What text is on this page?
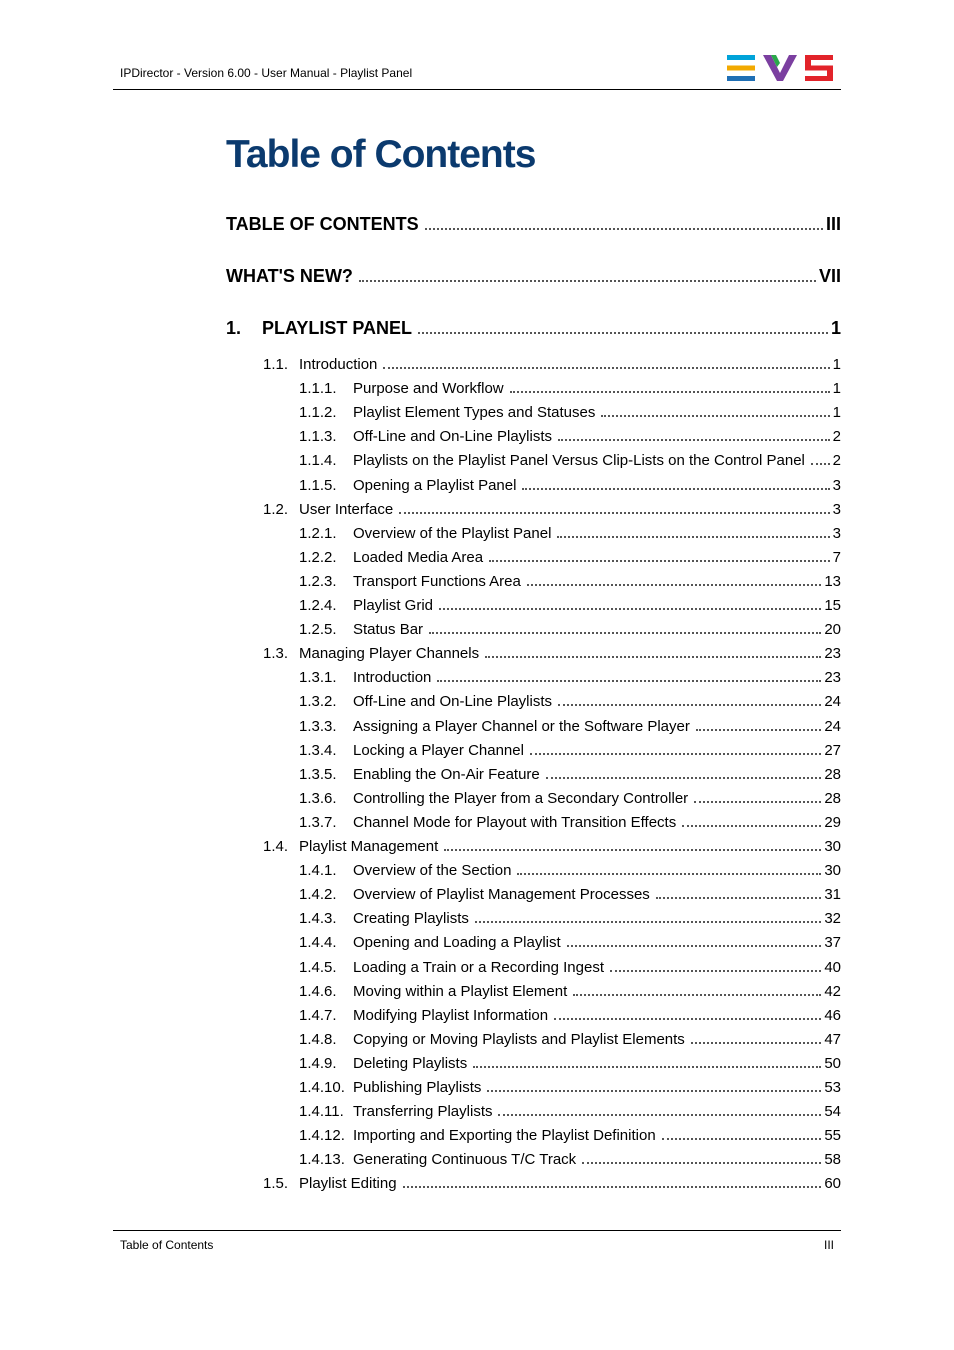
IPDirector - Version 6.00 - User Manual - Playlist Panel
Table of Contents
TABLE OF CONTENTS	III
WHAT'S NEW?	VII
1.	PLAYLIST PANEL	1
1.1. Introduction	1
1.1.1.	Purpose and Workflow	1
1.1.2.	Playlist Element Types and Statuses	1
1.1.3.	Off-Line and On-Line Playlists	2
1.1.4.	Playlists on the Playlist Panel Versus Clip-Lists on the Control Panel	2
1.1.5.	Opening a Playlist Panel	3
1.2. User Interface	3
1.2.1.	Overview of the Playlist Panel	3
1.2.2.	Loaded Media Area	7
1.2.3.	Transport Functions Area	13
1.2.4.	Playlist Grid	15
1.2.5.	Status Bar	20
1.3. Managing Player Channels	23
1.3.1.	Introduction	23
1.3.2.	Off-Line and On-Line Playlists	24
1.3.3.	Assigning a Player Channel or the Software Player	24
1.3.4.	Locking a Player Channel	27
1.3.5.	Enabling the On-Air Feature	28
1.3.6.	Controlling the Player from a Secondary Controller	28
1.3.7.	Channel Mode for Playout with Transition Effects	29
1.4. Playlist Management	30
1.4.1.	Overview of the Section	30
1.4.2.	Overview of Playlist Management Processes	31
1.4.3.	Creating Playlists	32
1.4.4.	Opening and Loading a Playlist	37
1.4.5.	Loading a Train or a Recording Ingest	40
1.4.6.	Moving within a Playlist Element	42
1.4.7.	Modifying Playlist Information	46
1.4.8.	Copying or Moving Playlists and Playlist Elements	47
1.4.9.	Deleting Playlists	50
1.4.10. Publishing Playlists	53
1.4.11. Transferring Playlists	54
1.4.12. Importing and Exporting the Playlist Definition	55
1.4.13. Generating Continuous T/C Track	58
1.5. Playlist Editing	60
Table of Contents	III
